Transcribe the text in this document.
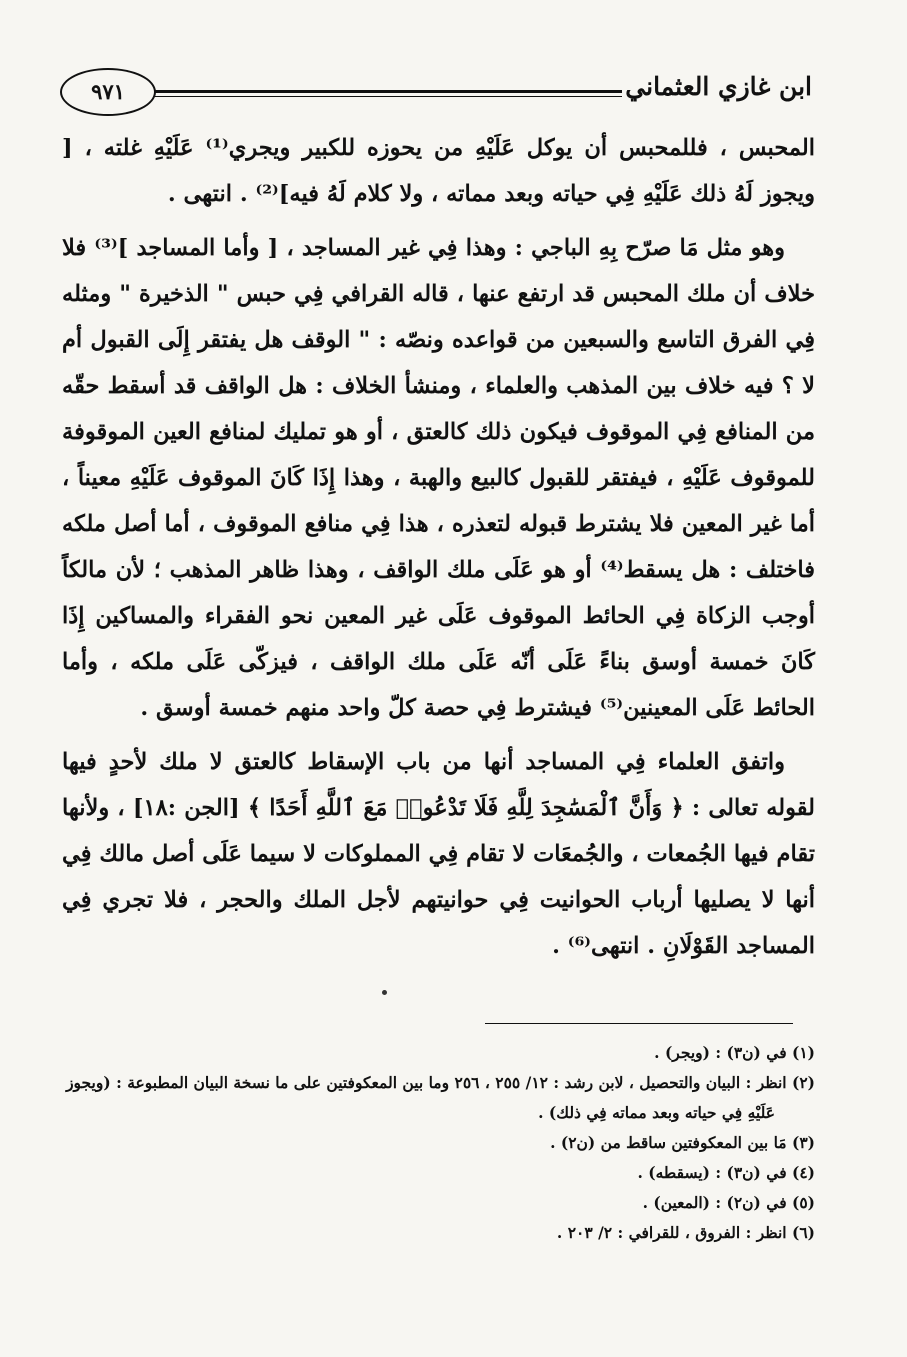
ابن غازي العثماني
٩٧١

المحبس ، فللمحبس أن يوكل عَلَيْهِ من يحوزه للكبير ويجري⁽¹⁾ عَلَيْهِ غلته ، [ ويجوز لَهُ ذلك عَلَيْهِ فِي حياته وبعد مماته ، ولا كلام لَهُ فيه]⁽²⁾ . انتهى .

وهو مثل مَا صرّح بِهِ الباجي : وهذا فِي غير المساجد ، [ وأما المساجد ]⁽³⁾ فلا خلاف أن ملك المحبس قد ارتفع عنها ، قاله القرافي فِي حبس " الذخيرة " ومثله فِي الفرق التاسع والسبعين من قواعده ونصّه : " الوقف هل يفتقر إِلَى القبول أم لا ؟ فيه خلاف بين المذهب والعلماء ، ومنشأ الخلاف : هل الواقف قد أسقط حقّه من المنافع فِي الموقوف فيكون ذلك كالعتق ، أو هو تمليك لمنافع العين الموقوفة للموقوف عَلَيْهِ ، فيفتقر للقبول كالبيع والهبة ، وهذا إِذَا كَانَ الموقوف عَلَيْهِ معيناً ، أما غير المعين فلا يشترط قبوله لتعذره ، هذا فِي منافع الموقوف ، أما أصل ملكه فاختلف : هل يسقط⁽⁴⁾ أو هو عَلَى ملك الواقف ، وهذا ظاهر المذهب ؛ لأن مالكاً أوجب الزكاة فِي الحائط الموقوف عَلَى غير المعين نحو الفقراء والمساكين إِذَا كَانَ خمسة أوسق بناءً عَلَى أنّه عَلَى ملك الواقف ، فيزكّى عَلَى ملكه ، وأما الحائط عَلَى المعينين⁽⁵⁾ فيشترط فِي حصة كلّ واحد منهم خمسة أوسق .

واتفق العلماء فِي المساجد أنها من باب الإسقاط كالعتق لا ملك لأحدٍ فيها لقوله تعالى : ﴿ وَأَنَّ ٱلْمَسَٰجِدَ لِلَّهِ فَلَا تَدْعُوا۟ مَعَ ٱللَّهِ أَحَدًا ﴾ [الجن :١٨] ، ولأنها تقام فيها الجُمعات ، والجُمعَات لا تقام فِي المملوكات لا سيما عَلَى أصل مالك فِي أنها لا يصليها أرباب الحوانيت فِي حوانيتهم لأجل الملك والحجر ، فلا تجري فِي المساجد القَوْلَانِ . انتهى⁽⁶⁾ .

(١) في (ن٣) : (ويجر) .

(٢) انظر : البيان والتحصيل ، لابن رشد : ١٢/ ٢٥٥ ، ٢٥٦ وما بين المعكوفتين على ما نسخة البيان المطبوعة : (ويجوز

عَلَيْهِ فِي حياته وبعد مماته فِي ذلك) .

(٣) مَا بين المعكوفتين ساقط من (ن٢) .

(٤) في (ن٣) : (يسقطه) .

(٥) في (ن٢) : (المعين) .

(٦) انظر : الفروق ، للقرافي : ٢/ ٢٠٣ .
